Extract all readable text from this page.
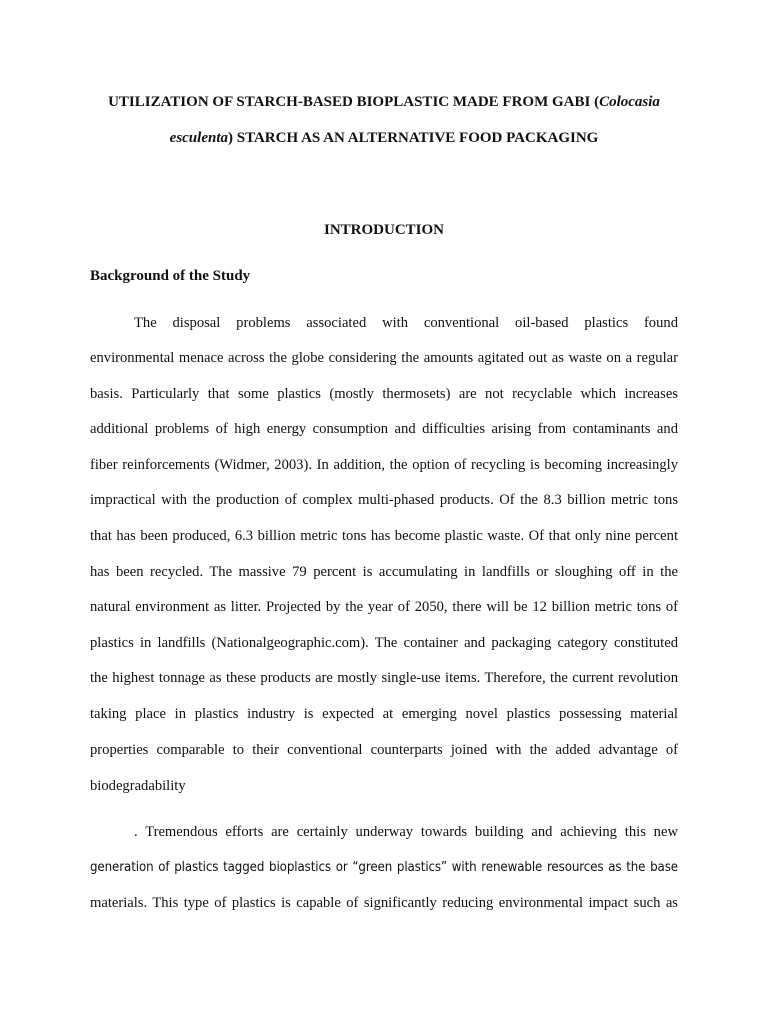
UTILIZATION OF STARCH-BASED BIOPLASTIC MADE FROM GABI (Colocasia
esculenta) STARCH AS AN ALTERNATIVE FOOD PACKAGING
INTRODUCTION
Background of the Study
The disposal problems associated with conventional oil-based plastics found
environmental menace across the globe considering the amounts agitated out as waste on a regular
basis. Particularly that some plastics (mostly thermosets) are not recyclable which increases
additional problems of high energy consumption and difficulties arising from contaminants and
fiber reinforcements (Widmer, 2003). In addition, the option of recycling is becoming increasingly
impractical with the production of complex multi-phased products. Of the 8.3 billion metric tons
that has been produced, 6.3 billion metric tons has become plastic waste. Of that only nine percent
has been recycled. The massive 79 percent is accumulating in landfills or sloughing off in the
natural environment as litter. Projected by the year of 2050, there will be 12 billion metric tons of
plastics in landfills (Nationalgeographic.com). The container and packaging category constituted
the highest tonnage as these products are mostly single-use items. Therefore, the current revolution
taking place in plastics industry is expected at emerging novel plastics possessing material
properties comparable to their conventional counterparts joined with the added advantage of
biodegradability
. Tremendous efforts are certainly underway towards building and achieving this new
generation of plastics tagged bioplastics or “green plastics” with renewable resources as the base
materials. This type of plastics is capable of significantly reducing environmental impact such as
